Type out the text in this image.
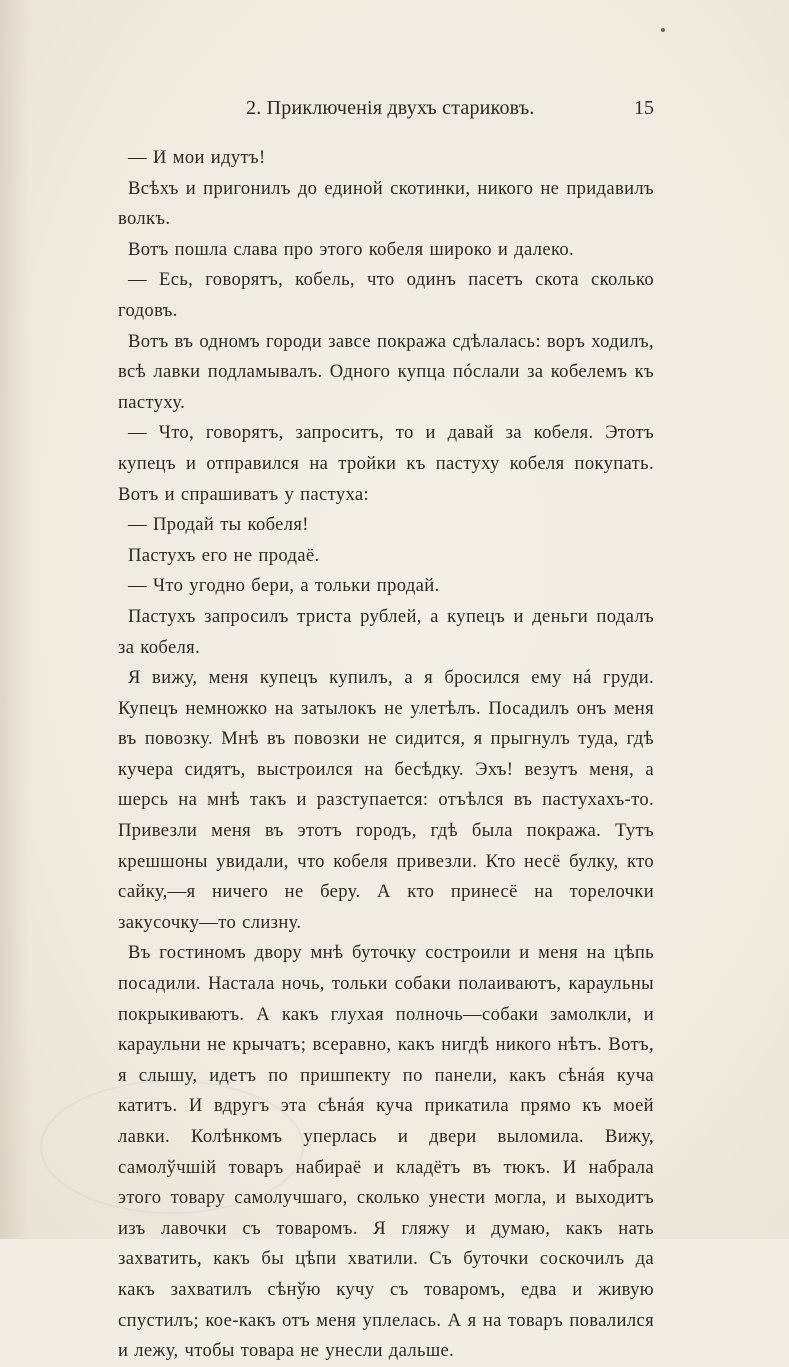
2. Приключенія двухъ стариковъ.	15

— И мои идутъ!

Всѣхъ и пригонилъ до единой скотинки, никого не придавилъ волкъ.

Вотъ пошла слава про этого кобеля широко и далеко.

— Есь, говорятъ, кобель, что одинъ пасетъ скота сколько годовъ.

Вотъ въ одномъ городи завсе покража сдѣлалась: воръ ходилъ, всѣ лавки подламывалъ. Одного купца пóслали за кобелемъ къ пастуху.

— Что, говорятъ, запроситъ, то и давай за кобеля. Этотъ купецъ и отправился на тройки къ пастуху кобеля покупать. Вотъ и спрашиватъ у пастуха:

— Продай ты кобеля!

Пастухъ его не продаё.

— Что угодно бери, а тольки продай.

Пастухъ запросилъ триста рублей, а купецъ и деньги подалъ за кобеля.

Я вижу, меня купецъ купилъ, а я бросился ему нá груди. Купецъ немножко на затылокъ не улетѣлъ. Посадилъ онъ меня въ повозку. Мнѣ въ повозки не сидится, я прыгнулъ туда, гдѣ кучера сидятъ, выстроился на бесѣдку. Эхъ! везутъ меня, а шерсь на мнѣ такъ и разступается: отъѣлся въ пастухахъ-то. Привезли меня въ этотъ городъ, гдѣ была покража. Тутъ крешшоны увидали, что кобеля привезли. Кто несё булку, кто сайку,—я ничего не беру. А кто принесё на торелочки закусочку—то слизну.

Въ гостиномъ двору мнѣ буточку состроили и меня на цѣпь посадили. Настала ночь, тольки собаки полаиваютъ, караульны покрыкиваютъ. А какъ глухая полночь—собаки замолкли, и караульни не крычатъ; всеравно, какъ нигдѣ никого нѣтъ. Вотъ, я слышу, идетъ по пришпекту по панели, какъ сѣнáя куча катитъ. И вдругъ эта сѣнáя куча прикатила прямо къ моей лавки. Колѣнкомъ уперлась и двери выломила. Вижу, самолўчшій товаръ набираё и кладётъ въ тюкъ. И набрала этого товару самолучшаго, сколько унести могла, и выходитъ изъ лавочки съ товаромъ. Я гляжу и думаю, какъ нать захватить, какъ бы цѣпи хватили. Съ буточки соскочилъ да какъ захватилъ сѣнўю кучу съ товаромъ, едва и живую спустилъ; кое-какъ отъ меня уплелась. А я на товаръ повалился и лежу, чтобы товара не унесли дальше.
